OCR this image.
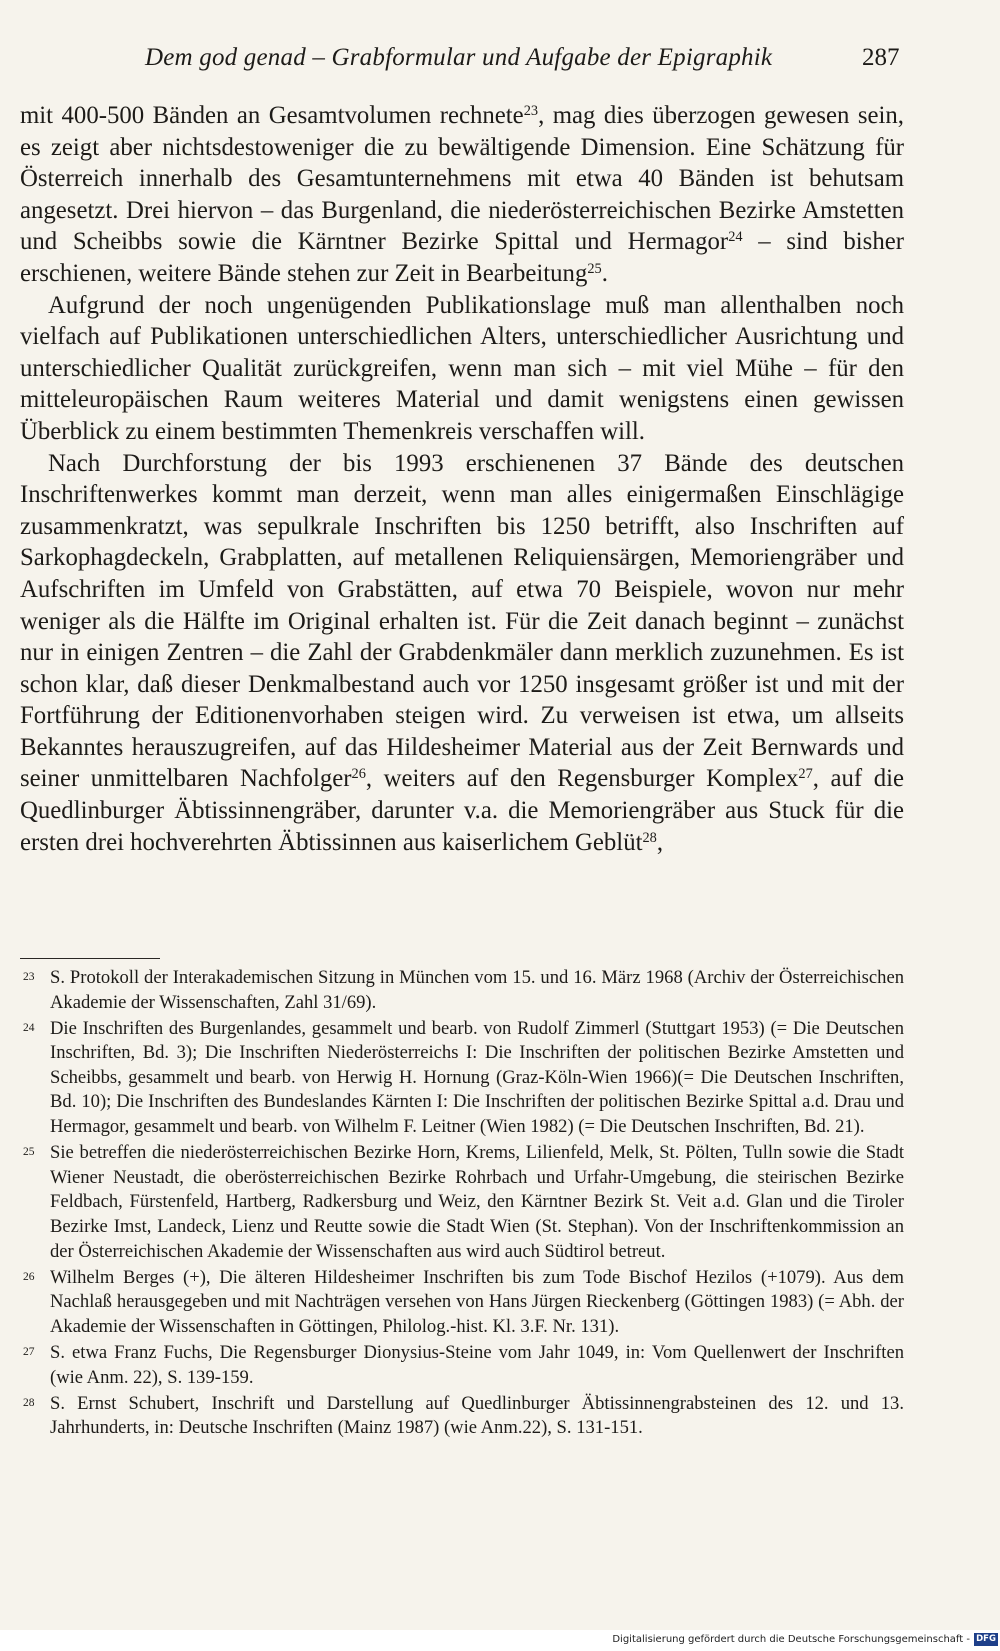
Dem god genad – Grabformular und Aufgabe der Epigraphik	287

mit 400-500 Bänden an Gesamtvolumen rechnete$^{23}$, mag dies überzogen gewesen sein, es zeigt aber nichtsdestoweniger die zu bewältigende Dimension. Eine Schätzung für Österreich innerhalb des Gesamtunternehmens mit etwa 40 Bänden ist behutsam angesetzt. Drei hiervon – das Burgenland, die niederösterreichischen Bezirke Amstetten und Scheibbs sowie die Kärntner Bezirke Spittal und Hermagor$^{24}$ – sind bisher erschienen, weitere Bände stehen zur Zeit in Bearbeitung$^{25}$.

Aufgrund der noch ungenügenden Publikationslage muß man allenthalben noch vielfach auf Publikationen unterschiedlichen Alters, unterschiedlicher Ausrichtung und unterschiedlicher Qualität zurückgreifen, wenn man sich – mit viel Mühe – für den mitteleuropäischen Raum weiteres Material und damit wenigstens einen gewissen Überblick zu einem bestimmten Themenkreis verschaffen will.

Nach Durchforstung der bis 1993 erschienenen 37 Bände des deutschen Inschriftenwerkes kommt man derzeit, wenn man alles einigermaßen Einschlägige zusammenkratzt, was sepulkrale Inschriften bis 1250 betrifft, also Inschriften auf Sarkophagdeckeln, Grabplatten, auf metallenen Reliquiensärgen, Memoriengräber und Aufschriften im Umfeld von Grabstätten, auf etwa 70 Beispiele, wovon nur mehr weniger als die Hälfte im Original erhalten ist. Für die Zeit danach beginnt – zunächst nur in einigen Zentren – die Zahl der Grabdenkmäler dann merklich zuzunehmen. Es ist schon klar, daß dieser Denkmalbestand auch vor 1250 insgesamt größer ist und mit der Fortführung der Editionenvorhaben steigen wird. Zu verweisen ist etwa, um allseits Bekanntes herauszugreifen, auf das Hildesheimer Material aus der Zeit Bernwards und seiner unmittelbaren Nachfolger$^{26}$, weiters auf den Regensburger Komplex$^{27}$, auf die Quedlinburger Äbtissinnengräber, darunter v.a. die Memoriengräber aus Stuck für die ersten drei hochverehrten Äbtissinnen aus kaiserlichem Geblüt$^{28}$,

23 S. Protokoll der Interakademischen Sitzung in München vom 15. und 16. März 1968 (Archiv der Österreichischen Akademie der Wissenschaften, Zahl 31/69).
24 Die Inschriften des Burgenlandes, gesammelt und bearb. von Rudolf Zimmerl (Stuttgart 1953) (= Die Deutschen Inschriften, Bd. 3); Die Inschriften Niederösterreichs I: Die Inschriften der politischen Bezirke Amstetten und Scheibbs, gesammelt und bearb. von Herwig H. Hornung (Graz-Köln-Wien 1966)(= Die Deutschen Inschriften, Bd. 10); Die Inschriften des Bundeslandes Kärnten I: Die Inschriften der politischen Bezirke Spittal a.d. Drau und Hermagor, gesammelt und bearb. von Wilhelm F. Leitner (Wien 1982) (= Die Deutschen Inschriften, Bd. 21).
25 Sie betreffen die niederösterreichischen Bezirke Horn, Krems, Lilienfeld, Melk, St. Pölten, Tulln sowie die Stadt Wiener Neustadt, die oberösterreichischen Bezirke Rohrbach und Urfahr-Umgebung, die steirischen Bezirke Feldbach, Fürstenfeld, Hartberg, Radkersburg und Weiz, den Kärntner Bezirk St. Veit a.d. Glan und die Tiroler Bezirke Imst, Landeck, Lienz und Reutte sowie die Stadt Wien (St. Stephan). Von der Inschriftenkommission an der Österreichischen Akademie der Wissenschaften aus wird auch Südtirol betreut.
26 Wilhelm Berges (+), Die älteren Hildesheimer Inschriften bis zum Tode Bischof Hezilos (+1079). Aus dem Nachlaß herausgegeben und mit Nachträgen versehen von Hans Jürgen Rieckenberg (Göttingen 1983) (= Abh. der Akademie der Wissenschaften in Göttingen, Philolog.-hist. Kl. 3.F. Nr. 131).
27 S. etwa Franz Fuchs, Die Regensburger Dionysius-Steine vom Jahr 1049, in: Vom Quellenwert der Inschriften (wie Anm. 22), S. 139-159.
28 S. Ernst Schubert, Inschrift und Darstellung auf Quedlinburger Äbtissinnengrabsteinen des 12. und 13. Jahrhunderts, in: Deutsche Inschriften (Mainz 1987) (wie Anm.22), S. 131-151.
Digitalisierung gefördert durch die Deutsche Forschungsgemeinschaft - DFG
